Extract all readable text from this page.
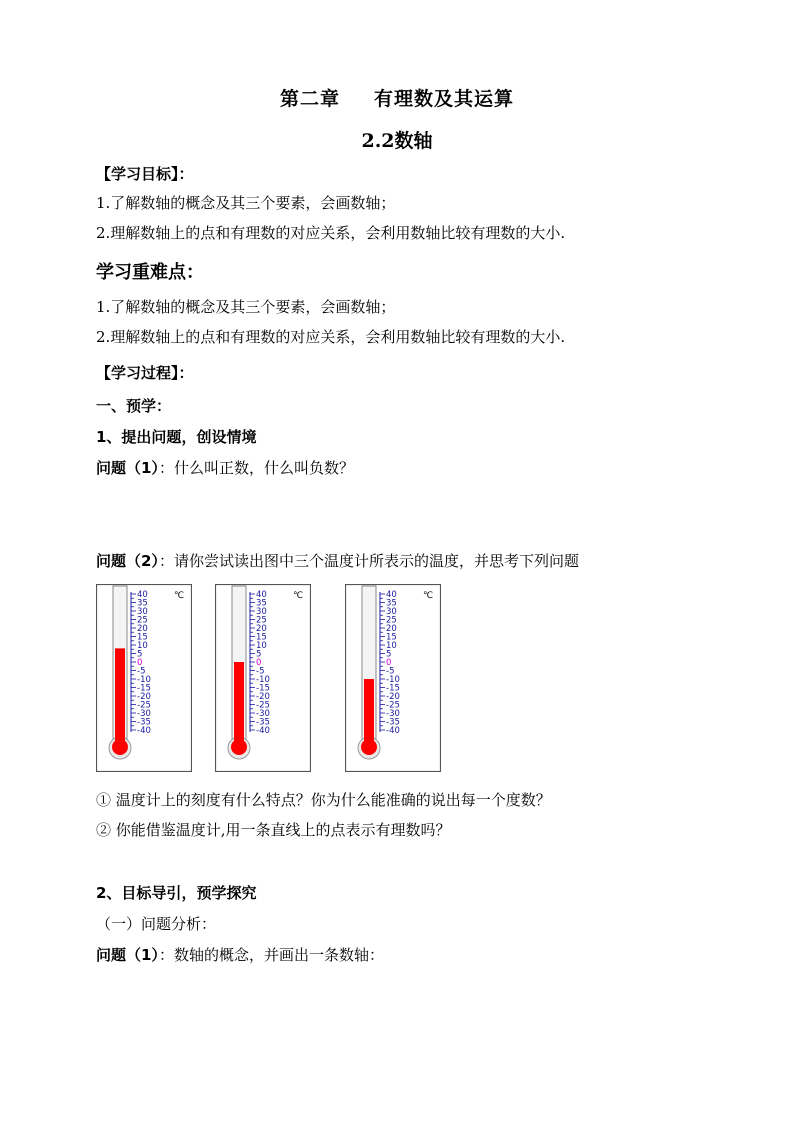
第二章 有理数及其运算
2.2数轴
【学习目标】：
1.了解数轴的概念及其三个要素，会画数轴；
2.理解数轴上的点和有理数的对应关系，会利用数轴比较有理数的大小.
学习重难点：
1.了解数轴的概念及其三个要素，会画数轴；
2.理解数轴上的点和有理数的对应关系，会利用数轴比较有理数的大小.
【学习过程】：
一、预学：
1、提出问题，创设情境
问题（1）：什么叫正数，什么叫负数？
问题（2）：请你尝试读出图中三个温度计所表示的温度，并思考下列问题
40
35
30
25
20
15
10
5
0
-5
-10
-15
-20
-25
-30
-35
-40
℃	40
35
30
25
20
15
10
5
0
-5
-10
-15
-20
-25
-30
-35
-40
℃	40
35
30
25
20
15
10
5
0
-5
-10
-15
-20
-25
-30
-35
-40
℃
① 温度计上的刻度有什么特点？你为什么能准确的说出每一个度数？
② 你能借鉴温度计,用一条直线上的点表示有理数吗？
2、目标导引，预学探究
（一）问题分析：
问题（1）：数轴的概念，并画出一条数轴：
